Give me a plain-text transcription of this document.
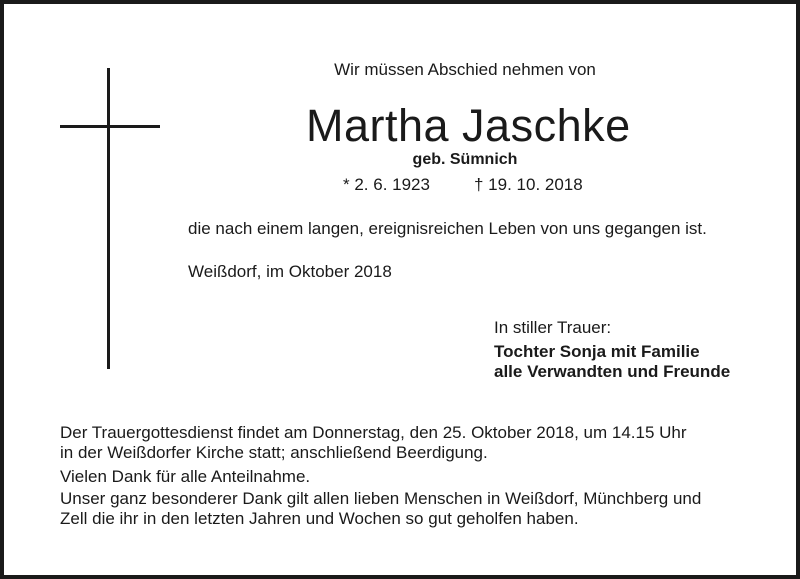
Wir müssen Abschied nehmen von

Martha Jaschke

geb. Sümnich

* 2. 6. 1923	† 19. 10. 2018

die nach einem langen, ereignisreichen Leben von uns gegangen ist.

Weißdorf, im Oktober 2018

In stiller Trauer:

Tochter Sonja mit Familie

alle Verwandten und Freunde

Der Trauergottesdienst findet am Donnerstag, den 25. Oktober 2018, um 14.15 Uhr

in der Weißdorfer Kirche statt; anschließend Beerdigung.

Vielen Dank für alle Anteilnahme.

Unser ganz besonderer Dank gilt allen lieben Menschen in Weißdorf, Münchberg und

Zell die ihr in den letzten Jahren und Wochen so gut geholfen haben.
